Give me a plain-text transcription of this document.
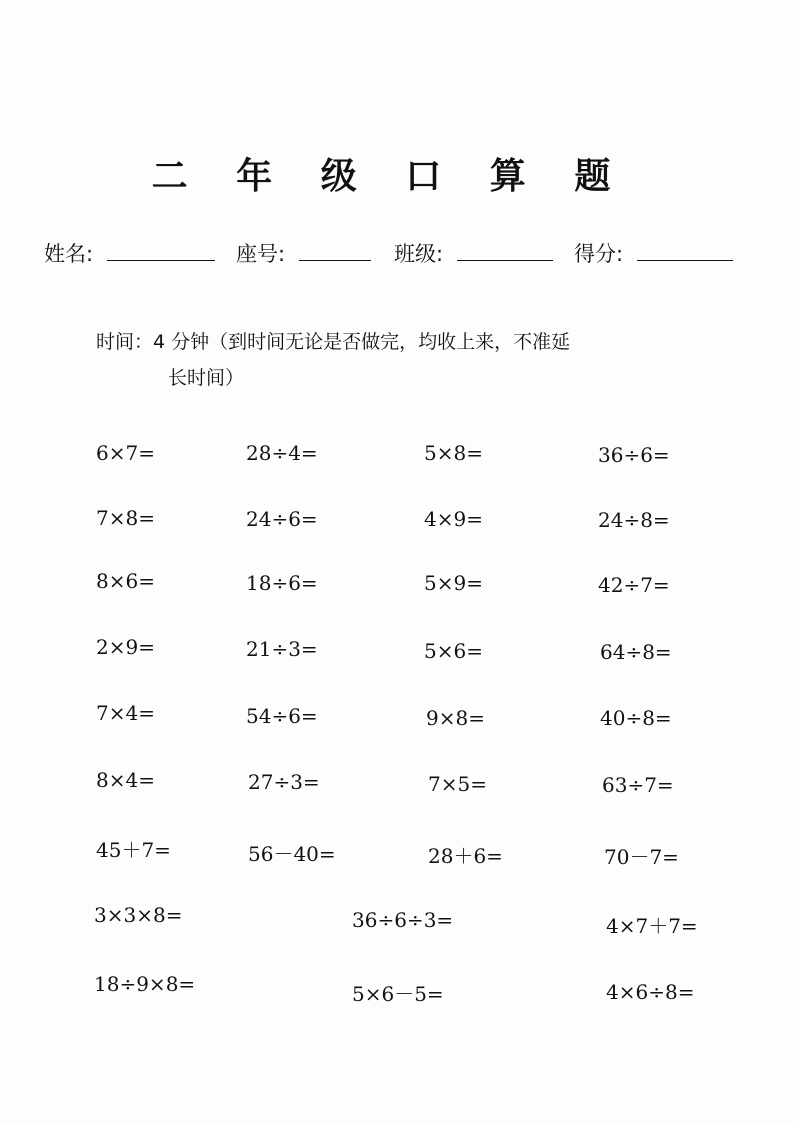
二 年 级 口 算 题
姓名:	座号:	班级:	得分:
时间：4 分钟（到时间无论是否做完，均收上来，不准延
长时间）
6×7=	28÷4=	5×8=	36÷6=
7×8=	24÷6=	4×9=	24÷8=
8×6=	18÷6=	5×9=	42÷7=
2×9=	21÷3=	5×6=	64÷8=
7×4=	54÷6=	9×8=	40÷8=
8×4=	27÷3=	7×5=	63÷7=
45＋7=	56－40=	28＋6=	70－7=
3×3×8=	36÷6÷3=	4×7＋7=
18÷9×8=	5×6－5=	4×6÷8=
